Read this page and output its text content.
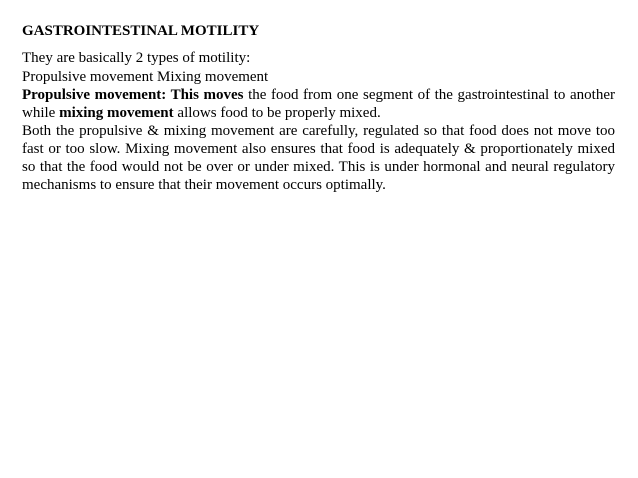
GASTROINTESTINAL MOTILITY

They are basically 2 types of motility:

Propulsive movement Mixing movement

Propulsive movement: This moves the food from one segment of the gastrointestinal to another while mixing movement allows food to be properly mixed.

Both the propulsive & mixing movement are carefully, regulated so that food does not move too fast or too slow. Mixing movement also ensures that food is adequately & proportionately mixed so that the food would not be over or under mixed. This is under hormonal and neural regulatory mechanisms to ensure that their movement occurs optimally.
